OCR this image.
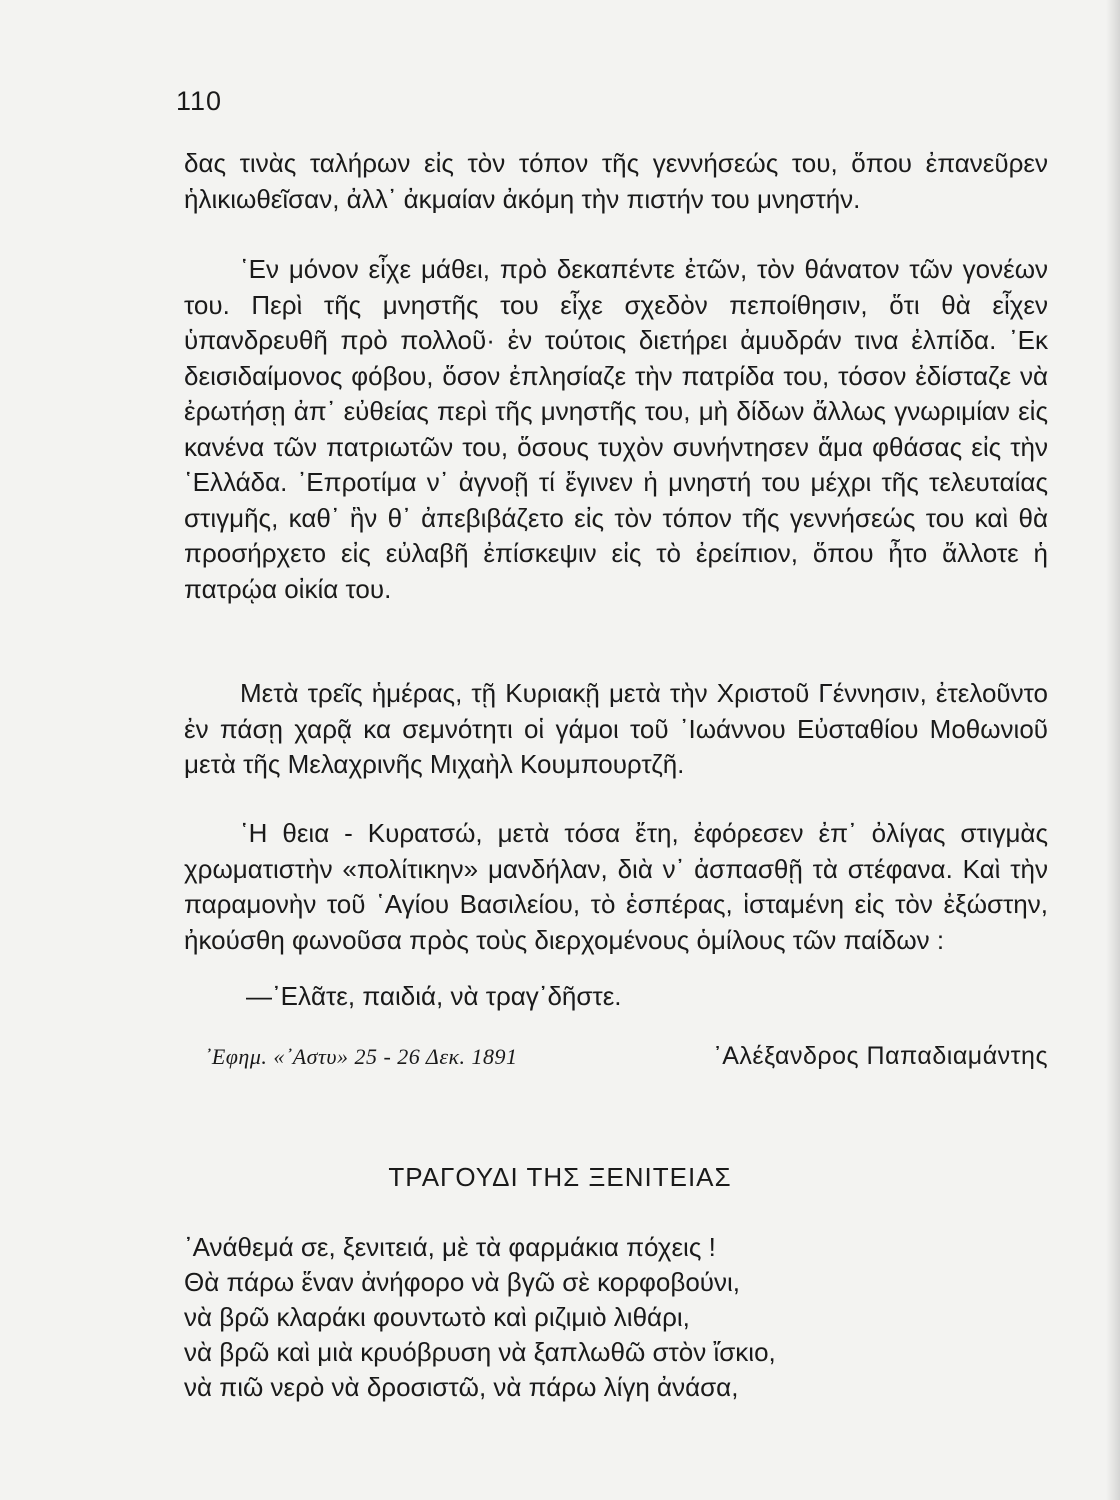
110
δας τινὰς ταλήρων εἰς τὸν τόπον τῆς γεννήσεώς του, ὅπου ἐπανεῦρεν ἡλικιωθεῖσαν, ἀλλ᾽ ἀκμαίαν ἀκόμη τὴν πιστήν του μνηστήν.
῾Εν μόνον εἶχε μάθει, πρὸ δεκαπέντε ἐτῶν, τὸν θάνατον τῶν γονέων του. Περὶ τῆς μνηστῆς του εἶχε σχεδὸν πεποίθησιν, ὅτι θὰ εἶχεν ὑπανδρευθῆ πρὸ πολλοῦ· ἐν τούτοις διετήρει ἀμυδράν τινα ἐλπίδα. ᾽Εκ δεισιδαίμονος φόβου, ὅσον ἐπλησίαζε τὴν πατρίδα του, τόσον ἐδίσταζε νὰ ἐρωτήσῃ ἀπ᾽ εὐθείας περὶ τῆς μνηστῆς του, μὴ δίδων ἄλλως γνωριμίαν εἰς κανένα τῶν πατριωτῶν του, ὅσους τυχὸν συνήντησεν ἅμα φθάσας εἰς τὴν ῾Ελλάδα. ᾽Επροτίμα ν᾽ ἀγνοῇ τί ἔγινεν ἡ μνηστή του μέχρι τῆς τελευταίας στιγμῆς, καθ᾽ ἣν θ᾽ ἀπεβιβάζετο εἰς τὸν τόπον τῆς γεννήσεώς του καὶ θὰ προσήρχετο εἰς εὐλαβῆ ἐπίσκεψιν εἰς τὸ ἐρείπιον, ὅπου ἦτο ἄλλοτε ἡ πατρῴα οἰκία του.
Μετὰ τρεῖς ἡμέρας, τῇ Κυριακῇ μετὰ τὴν Χριστοῦ Γέννησιν, ἐτελοῦντο ἐν πάσῃ χαρᾷ κα σεμνότητι οἱ γάμοι τοῦ ᾽Ιωάννου Εὐσταθίου Μοθωνιοῦ μετὰ τῆς Μελαχρινῆς Μιχαὴλ Κουμπουρτζῆ.
῾Η θεια - Κυρατσώ, μετὰ τόσα ἔτη, ἐφόρεσεν ἐπ᾽ ὀλίγας στιγμὰς χρωματιστὴν «πολίτικην» μανδήλαν, διὰ ν᾽ ἀσπασθῇ τὰ στέφανα. Καὶ τὴν παραμονὴν τοῦ ῾Αγίου Βασιλείου, τὸ ἑσπέρας, ἱσταμένη εἰς τὸν ἐξώστην, ἠκούσθη φωνοῦσα πρὸς τοὺς διερχομένους ὁμίλους τῶν παίδων :
—᾽Ελᾶτε, παιδιά, νὰ τραγ᾽δῆστε.
᾽Εφημ. «᾽Αστυ» 25 - 26 Δεκ. 1891	᾽Αλέξανδρος Παπαδιαμάντης
ΤΡΑΓΟΥΔΙ ΤΗΣ ΞΕΝΙΤΕΙΑΣ
᾽Ανάθεμά σε, ξενιτειά, μὲ τὰ φαρμάκια πόχεις !
Θὰ πάρω ἕναν ἀνήφορο νὰ βγῶ σὲ κορφοβούνι,
νὰ βρῶ κλαράκι φουντωτὸ καὶ ριζιμιὸ λιθάρι,
νὰ βρῶ καὶ μιὰ κρυόβρυση νὰ ξαπλωθῶ στὸν ἴσκιο,
νὰ πιῶ νερὸ νὰ δροσιστῶ, νὰ πάρω λίγη ἀνάσα,
